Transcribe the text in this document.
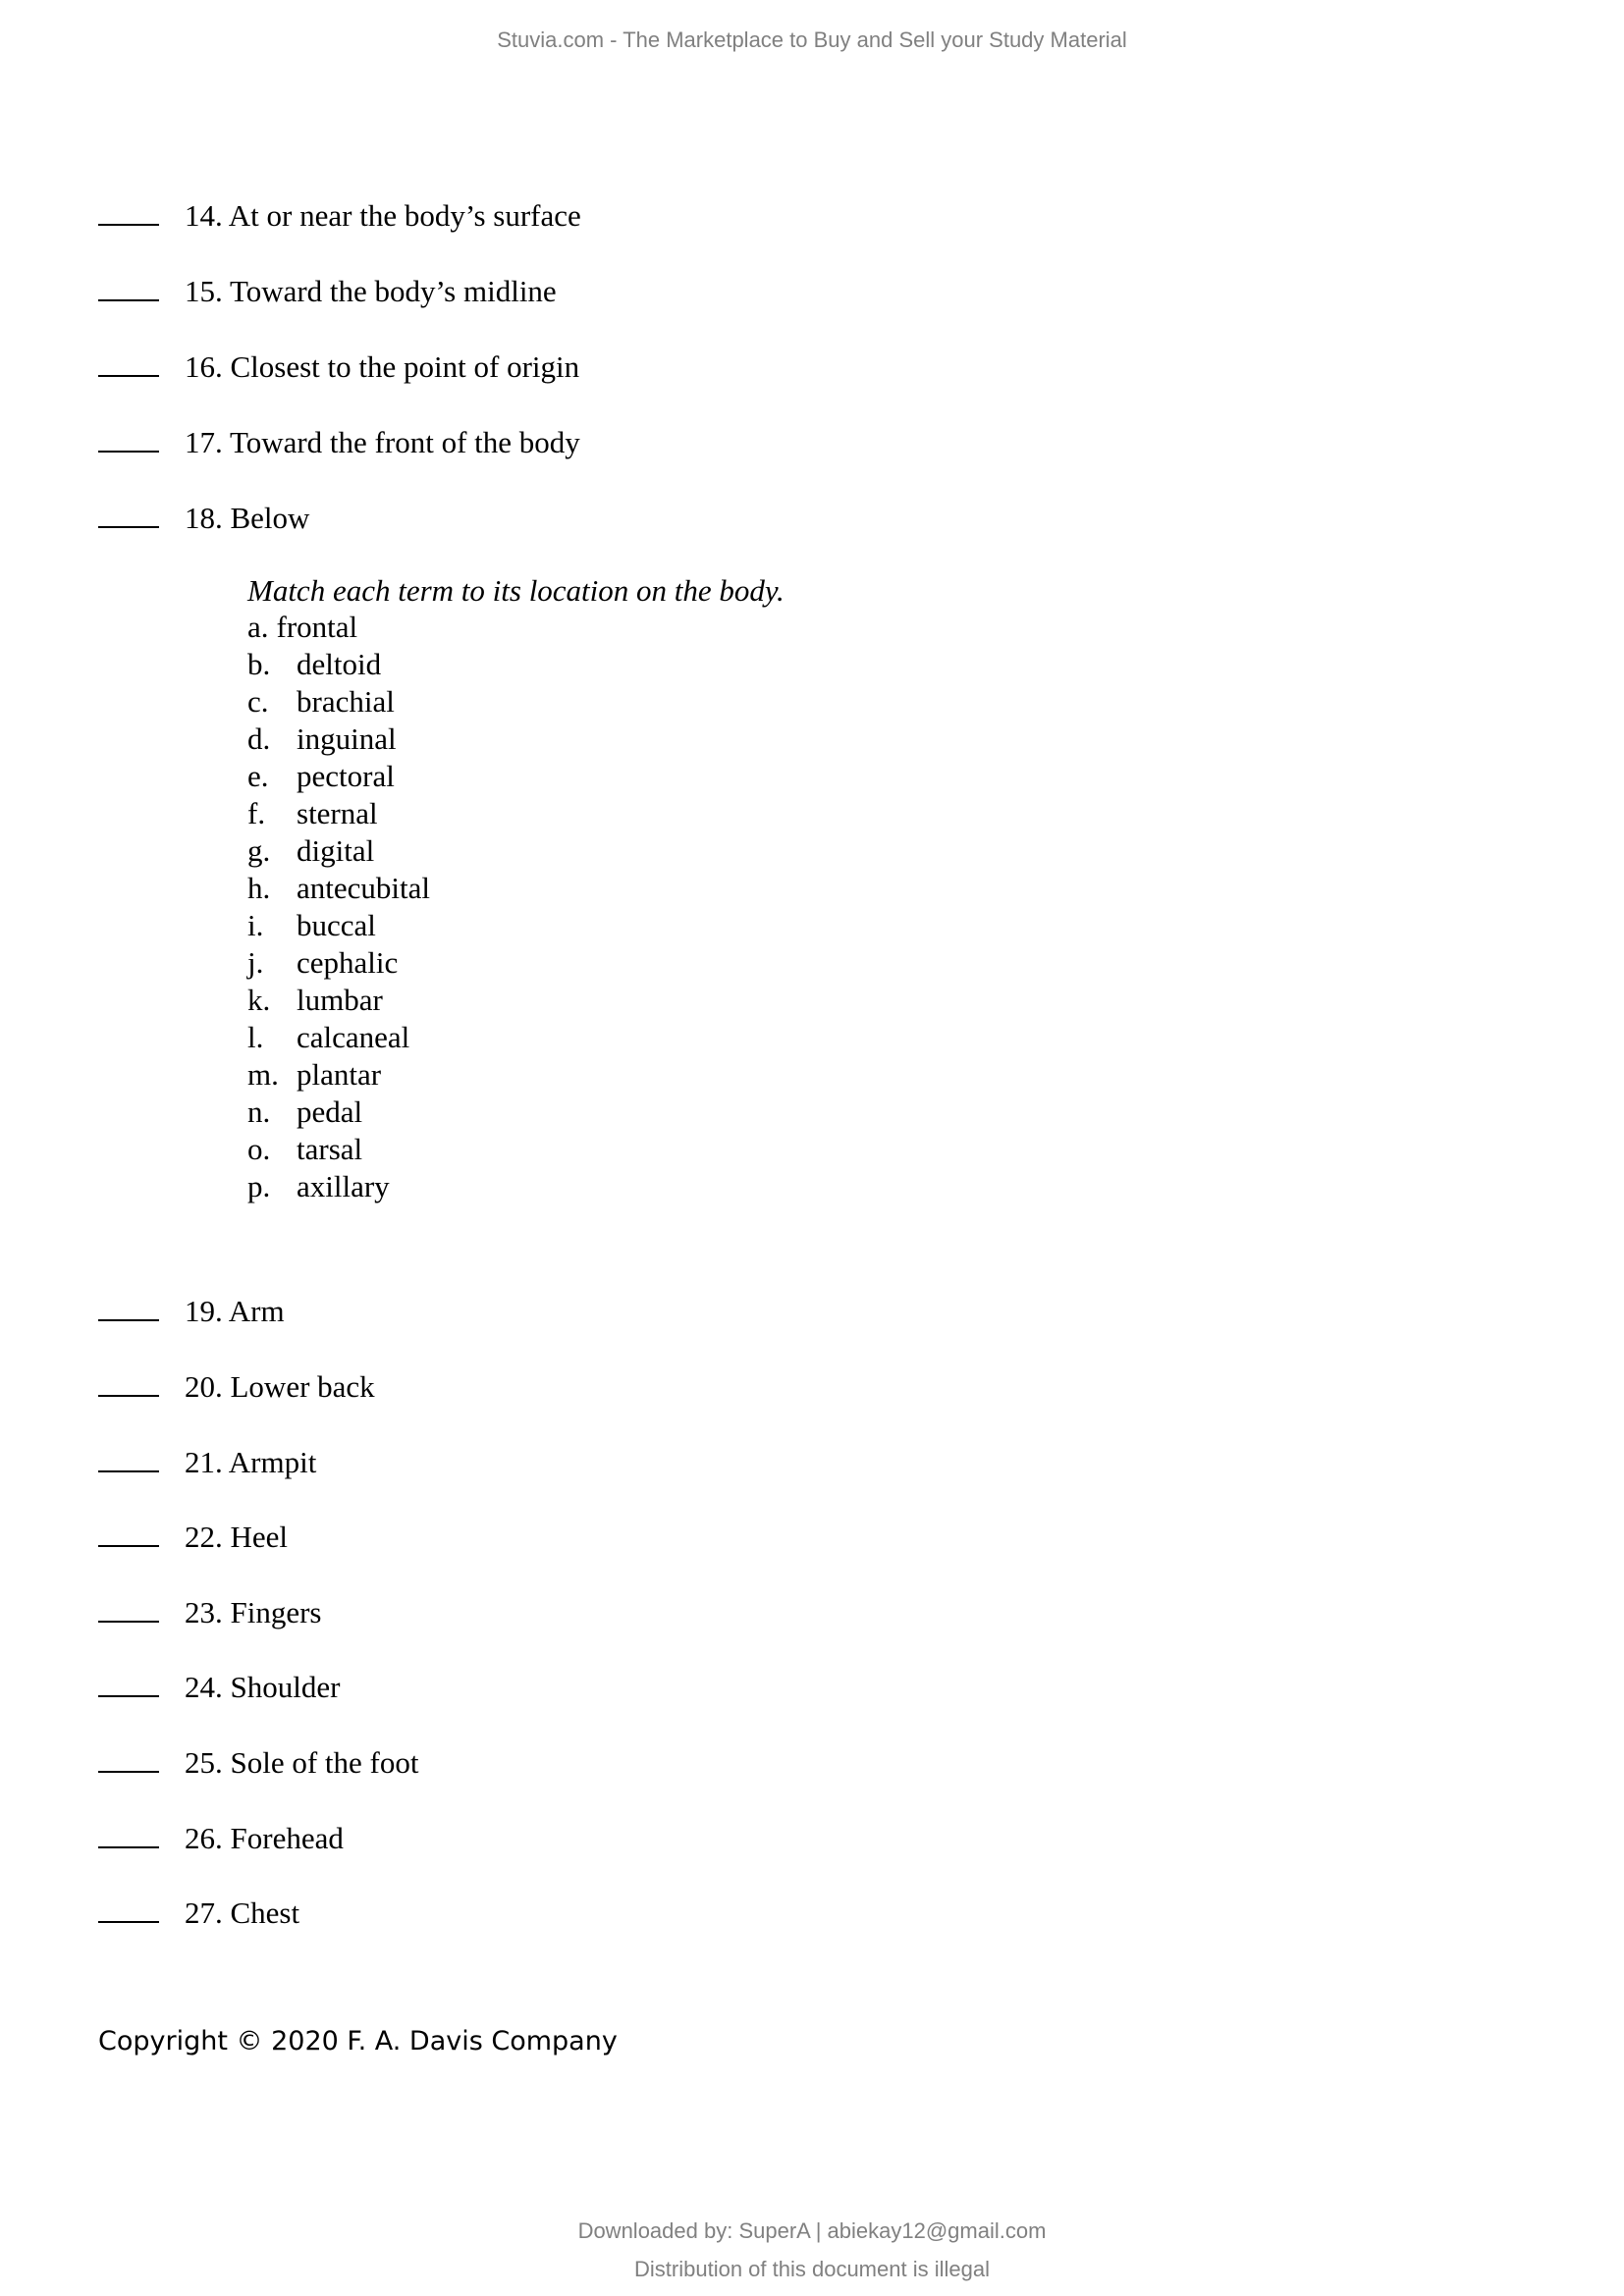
Stuvia.com - The Marketplace to Buy and Sell your Study Material
14. At or near the body’s surface
15. Toward the body’s midline
16. Closest to the point of origin
17. Toward the front of the body
18. Below
Match each term to its location on the body.
a. frontal
b. deltoid
c. brachial
d. inguinal
e. pectoral
f. sternal
g. digital
h. antecubital
i. buccal
j. cephalic
k. lumbar
l. calcaneal
m. plantar
n. pedal
o. tarsal
p. axillary
19. Arm
20. Lower back
21. Armpit
22. Heel
23. Fingers
24. Shoulder
25. Sole of the foot
26. Forehead
27. Chest
Copyright © 2020 F. A. Davis Company
Downloaded by: SuperA | abiekay12@gmail.com
Distribution of this document is illegal
